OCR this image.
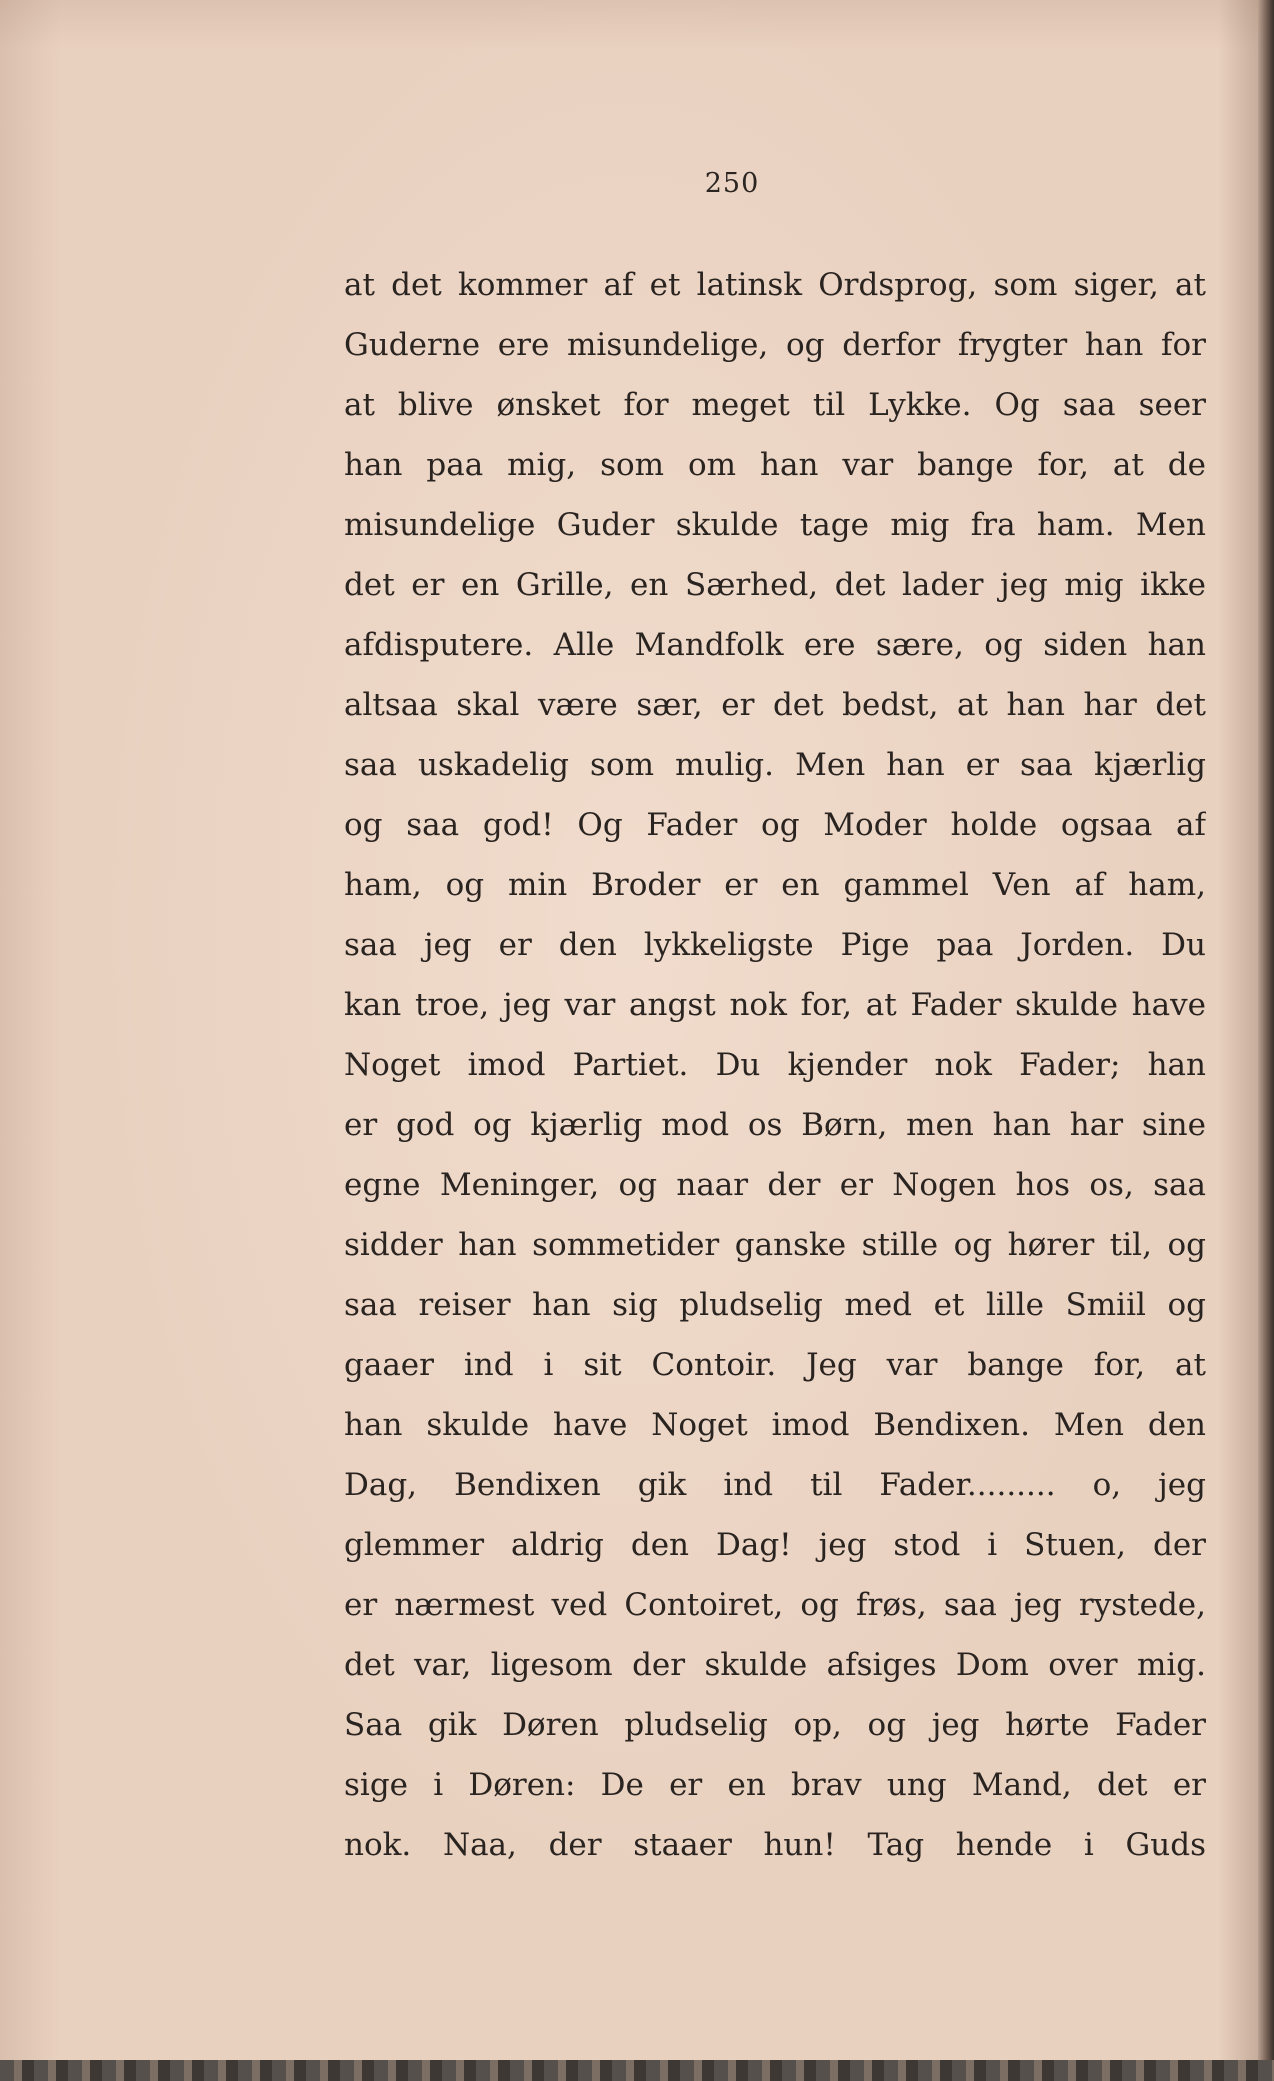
250
at det kommer af et latinsk Ordsprog, som siger, at
Guderne ere misundelige, og derfor frygter han for
at blive ønsket for meget til Lykke. Og saa seer
han paa mig, som om han var bange for, at de
misundelige Guder skulde tage mig fra ham. Men
det er en Grille, en Særhed, det lader jeg mig ikke
afdisputere. Alle Mandfolk ere sære, og siden han
altsaa skal være sær, er det bedst, at han har det
saa uskadelig som mulig. Men han er saa kjærlig
og saa god! Og Fader og Moder holde ogsaa af
ham, og min Broder er en gammel Ven af ham,
saa jeg er den lykkeligste Pige paa Jorden. Du
kan troe, jeg var angst nok for, at Fader skulde have
Noget imod Partiet. Du kjender nok Fader; han
er god og kjærlig mod os Børn, men han har sine
egne Meninger, og naar der er Nogen hos os, saa
sidder han sommetider ganske stille og hører til, og
saa reiser han sig pludselig med et lille Smiil og
gaaer ind i sit Contoir. Jeg var bange for, at
han skulde have Noget imod Bendixen. Men den
Dag, Bendixen gik ind til Fader......... o, jeg
glemmer aldrig den Dag! jeg stod i Stuen, der
er nærmest ved Contoiret, og frøs, saa jeg rystede,
det var, ligesom der skulde afsiges Dom over mig.
Saa gik Døren pludselig op, og jeg hørte Fader
sige i Døren: De er en brav ung Mand, det er
nok. Naa, der staaer hun! Tag hende i Guds
